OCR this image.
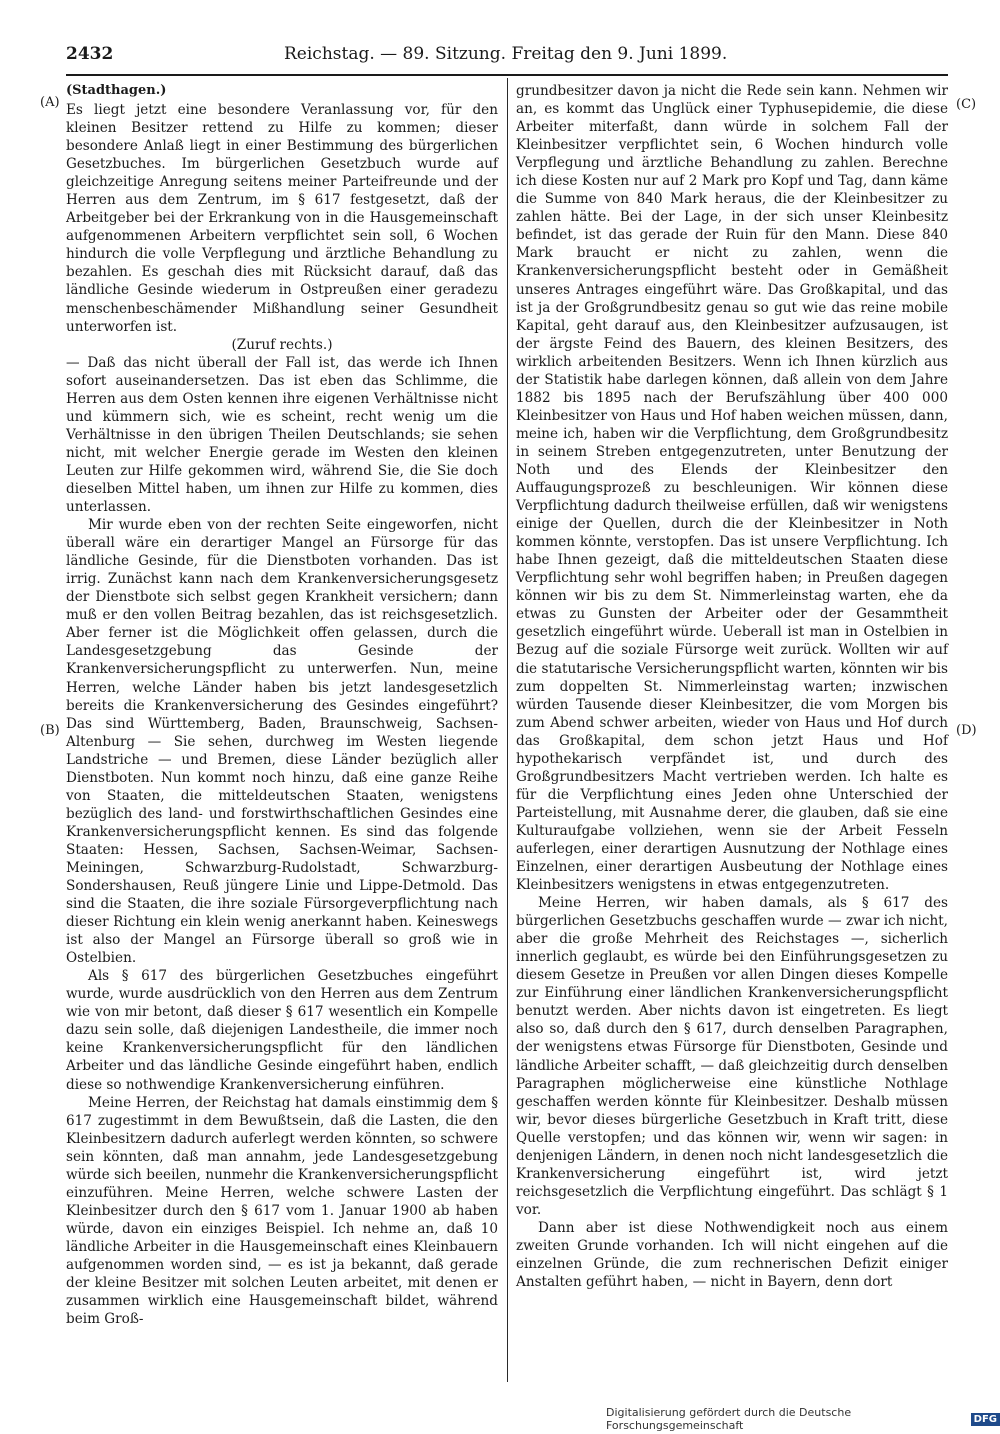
2432	Reichstag. — 89. Sitzung. Freitag den 9. Juni 1899.
(A)
(B)
(C)
(D)

(Stadthagen.)

Es liegt jetzt eine besondere Veranlassung vor, für den kleinen Besitzer rettend zu Hilfe zu kommen; dieser besondere Anlaß liegt in einer Bestimmung des bürgerlichen Gesetzbuches. Im bürgerlichen Gesetzbuch wurde auf gleichzeitige Anregung seitens meiner Parteifreunde und der Herren aus dem Zentrum, im § 617 festgesetzt, daß der Arbeitgeber bei der Erkrankung von in die Hausgemeinschaft aufgenommenen Arbeitern verpflichtet sein soll, 6 Wochen hindurch die volle Verpflegung und ärztliche Behandlung zu bezahlen. Es geschah dies mit Rücksicht darauf, daß das ländliche Gesinde wiederum in Ostpreußen einer geradezu menschenbeschämender Mißhandlung seiner Gesundheit unterworfen ist.

(Zuruf rechts.)

— Daß das nicht überall der Fall ist, das werde ich Ihnen sofort auseinandersetzen. Das ist eben das Schlimme, die Herren aus dem Osten kennen ihre eigenen Verhältnisse nicht und kümmern sich, wie es scheint, recht wenig um die Verhältnisse in den übrigen Theilen Deutschlands; sie sehen nicht, mit welcher Energie gerade im Westen den kleinen Leuten zur Hilfe gekommen wird, während Sie, die Sie doch dieselben Mittel haben, um ihnen zur Hilfe zu kommen, dies unterlassen.

Mir wurde eben von der rechten Seite eingeworfen, nicht überall wäre ein derartiger Mangel an Fürsorge für das ländliche Gesinde, für die Dienstboten vorhanden. Das ist irrig. Zunächst kann nach dem Krankenversicherungsgesetz der Dienstbote sich selbst gegen Krankheit versichern; dann muß er den vollen Beitrag bezahlen, das ist reichsgesetzlich. Aber ferner ist die Möglichkeit offen gelassen, durch die Landesgesetzgebung das Gesinde der Krankenversicherungspflicht zu unterwerfen. Nun, meine Herren, welche Länder haben bis jetzt landesgesetzlich bereits die Krankenversicherung des Gesindes eingeführt? Das sind Württemberg, Baden, Braunschweig, Sachsen-Altenburg — Sie sehen, durchweg im Westen liegende Landstriche — und Bremen, diese Länder bezüglich aller Dienstboten. Nun kommt noch hinzu, daß eine ganze Reihe von Staaten, die mitteldeutschen Staaten, wenigstens bezüglich des land- und forstwirthschaftlichen Gesindes eine Krankenversicherungspflicht kennen. Es sind das folgende Staaten: Hessen, Sachsen, Sachsen-Weimar, Sachsen-Meiningen, Schwarzburg-Rudolstadt, Schwarzburg-Sondershausen, Reuß jüngere Linie und Lippe-Detmold. Das sind die Staaten, die ihre soziale Fürsorgeverpflichtung nach dieser Richtung ein klein wenig anerkannt haben. Keineswegs ist also der Mangel an Fürsorge überall so groß wie in Ostelbien.

Als § 617 des bürgerlichen Gesetzbuches eingeführt wurde, wurde ausdrücklich von den Herren aus dem Zentrum wie von mir betont, daß dieser § 617 wesentlich ein Kompelle dazu sein solle, daß diejenigen Landestheile, die immer noch keine Krankenversicherungspflicht für den ländlichen Arbeiter und das ländliche Gesinde eingeführt haben, endlich diese so nothwendige Krankenversicherung einführen.

Meine Herren, der Reichstag hat damals einstimmig dem § 617 zugestimmt in dem Bewußtsein, daß die Lasten, die den Kleinbesitzern dadurch auferlegt werden könnten, so schwere sein könnten, daß man annahm, jede Landesgesetzgebung würde sich beeilen, nunmehr die Krankenversicherungspflicht einzuführen. Meine Herren, welche schwere Lasten der Kleinbesitzer durch den § 617 vom 1. Januar 1900 ab haben würde, davon ein einziges Beispiel. Ich nehme an, daß 10 ländliche Arbeiter in die Hausgemeinschaft eines Kleinbauern aufgenommen worden sind, — es ist ja bekannt, daß gerade der kleine Besitzer mit solchen Leuten arbeitet, mit denen er zusammen wirklich eine Hausgemeinschaft bildet, während beim Groß-

grundbesitzer davon ja nicht die Rede sein kann. Nehmen wir an, es kommt das Unglück einer Typhusepidemie, die diese Arbeiter miterfaßt, dann würde in solchem Fall der Kleinbesitzer verpflichtet sein, 6 Wochen hindurch volle Verpflegung und ärztliche Behandlung zu zahlen. Berechne ich diese Kosten nur auf 2 Mark pro Kopf und Tag, dann käme die Summe von 840 Mark heraus, die der Kleinbesitzer zu zahlen hätte. Bei der Lage, in der sich unser Kleinbesitz befindet, ist das gerade der Ruin für den Mann. Diese 840 Mark braucht er nicht zu zahlen, wenn die Krankenversicherungspflicht besteht oder in Gemäßheit unseres Antrages eingeführt wäre. Das Großkapital, und das ist ja der Großgrundbesitz genau so gut wie das reine mobile Kapital, geht darauf aus, den Kleinbesitzer aufzusaugen, ist der ärgste Feind des Bauern, des kleinen Besitzers, des wirklich arbeitenden Besitzers. Wenn ich Ihnen kürzlich aus der Statistik habe darlegen können, daß allein von dem Jahre 1882 bis 1895 nach der Berufszählung über 400 000 Kleinbesitzer von Haus und Hof haben weichen müssen, dann, meine ich, haben wir die Verpflichtung, dem Großgrundbesitz in seinem Streben entgegenzutreten, unter Benutzung der Noth und des Elends der Kleinbesitzer den Auffaugungsprozeß zu beschleunigen. Wir können diese Verpflichtung dadurch theilweise erfüllen, daß wir wenigstens einige der Quellen, durch die der Kleinbesitzer in Noth kommen könnte, verstopfen. Das ist unsere Verpflichtung. Ich habe Ihnen gezeigt, daß die mitteldeutschen Staaten diese Verpflichtung sehr wohl begriffen haben; in Preußen dagegen können wir bis zu dem St. Nimmerleinstag warten, ehe da etwas zu Gunsten der Arbeiter oder der Gesammtheit gesetzlich eingeführt würde. Ueberall ist man in Ostelbien in Bezug auf die soziale Fürsorge weit zurück. Wollten wir auf die statutarische Versicherungspflicht warten, könnten wir bis zum doppelten St. Nimmerleinstag warten; inzwischen würden Tausende dieser Kleinbesitzer, die vom Morgen bis zum Abend schwer arbeiten, wieder von Haus und Hof durch das Großkapital, dem schon jetzt Haus und Hof hypothekarisch verpfändet ist, und durch des Großgrundbesitzers Macht vertrieben werden. Ich halte es für die Verpflichtung eines Jeden ohne Unterschied der Parteistellung, mit Ausnahme derer, die glauben, daß sie eine Kulturaufgabe vollziehen, wenn sie der Arbeit Fesseln auferlegen, einer derartigen Ausnutzung der Nothlage eines Einzelnen, einer derartigen Ausbeutung der Nothlage eines Kleinbesitzers wenigstens in etwas entgegenzutreten.

Meine Herren, wir haben damals, als § 617 des bürgerlichen Gesetzbuchs geschaffen wurde — zwar ich nicht, aber die große Mehrheit des Reichstages —, sicherlich innerlich geglaubt, es würde bei den Einführungsgesetzen zu diesem Gesetze in Preußen vor allen Dingen dieses Kompelle zur Einführung einer ländlichen Krankenversicherungspflicht benutzt werden. Aber nichts davon ist eingetreten. Es liegt also so, daß durch den § 617, durch denselben Paragraphen, der wenigstens etwas Fürsorge für Dienstboten, Gesinde und ländliche Arbeiter schafft, — daß gleichzeitig durch denselben Paragraphen möglicherweise eine künstliche Nothlage geschaffen werden könnte für Kleinbesitzer. Deshalb müssen wir, bevor dieses bürgerliche Gesetzbuch in Kraft tritt, diese Quelle verstopfen; und das können wir, wenn wir sagen: in denjenigen Ländern, in denen noch nicht landesgesetzlich die Krankenversicherung eingeführt ist, wird jetzt reichsgesetzlich die Verpflichtung eingeführt. Das schlägt § 1 vor.

Dann aber ist diese Nothwendigkeit noch aus einem zweiten Grunde vorhanden. Ich will nicht eingehen auf die einzelnen Gründe, die zum rechnerischen Defizit einiger Anstalten geführt haben, — nicht in Bayern, denn dort

Digitalisierung gefördert durch die Deutsche Forschungsgemeinschaft	DFG
